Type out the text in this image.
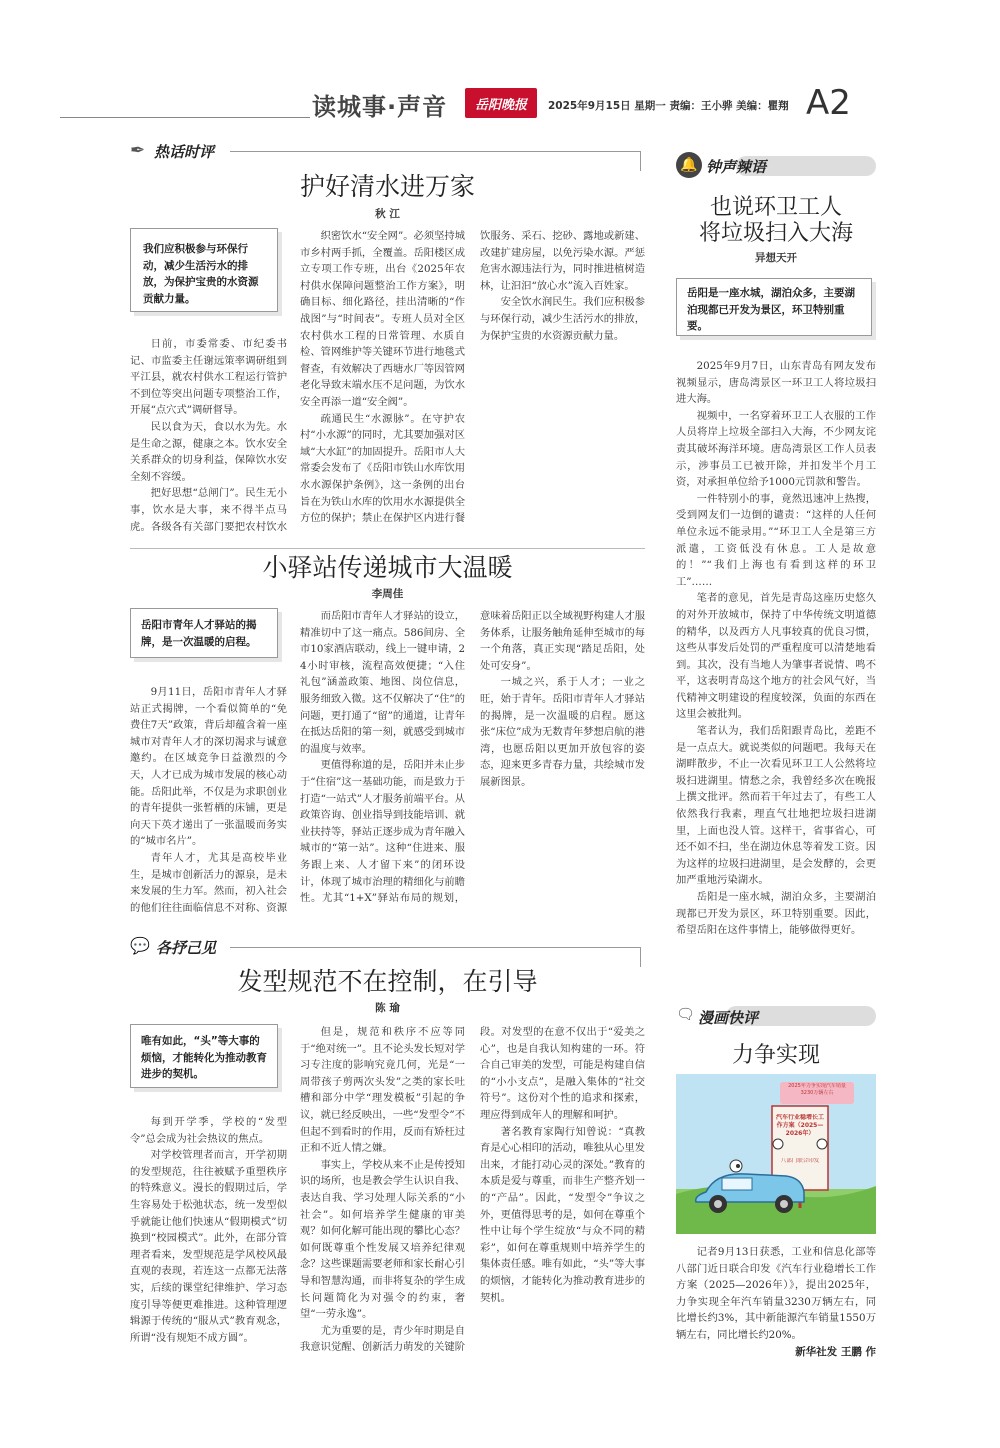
读城事·声音 岳阳晚报 2025年9月15日 星期一 责编：王小骅 美编：瞿翔 A2
✒ 热话时评
护好清水进万家
秋 江
我们应积极参与环保行动，减少生活污水的排放，为保护宝贵的水资源贡献力量。

日前，市委常委、市纪委书记、市监委主任谢远策率调研组到平江县，就农村供水工程运行管护不到位等突出问题专项整治工作，开展“点穴式”调研督导。

民以食为天，食以水为先。水是生命之源，健康之本。饮水安全关系群众的切身利益，保障饮水安全刻不容缓。

把好思想“总闸门”。民生无小事，饮水是大事，来不得半点马虎。各级各有关部门要把农村饮水

织密饮水“安全网”。必须坚持城市乡村两手抓，全覆盖。岳阳楼区成立专项工作专班，出台《2025年农村供水保障问题整治工作方案》，明确目标、细化路径，挂出清晰的“作战图”与“时间表”。专班人员对全区农村供水工程的日常管理、水质自检、管网维护等关键环节进行地毯式督查，有效解决了西塘水厂等因管网老化导致末端水压不足问题，为饮水安全再添一道“安全阀”。

疏通民生“水源脉”。在守护农村“小水源”的同时，尤其要加强对区域“大水缸”的加固提升。岳阳市人大常委会发布了《岳阳市铁山水库饮用水水源保护条例》，这一条例的出台旨在为铁山水库的饮用水水源提供全方位的保护；禁止在保护区内进行餐饮服务、采石、挖砂、露地或新建、改建扩建房屋，以免污染水源。严惩危害水源违法行为，同时推进植树造林，让汩汩“放心水”流入百姓家。

安全饮水润民生。我们应积极参与环保行动，减少生活污水的排放，为保护宝贵的水资源贡献力量。

小驿站传递城市大温暖
李周佳
岳阳市青年人才驿站的揭牌，是一次温暖的启程。

9月11日，岳阳市青年人才驿站正式揭牌，一个看似简单的“免费住7天”政策，背后却蕴含着一座城市对青年人才的深切渴求与诚意邀约。在区域竞争日益激烈的今天，人才已成为城市发展的核心动能。岳阳此举，不仅是为求职创业的青年提供一张暂栖的床铺，更是向天下英才递出了一张温暖而务实的“城市名片”。

青年人才，尤其是高校毕业生，是城市创新活力的源泉，是未来发展的生力军。然而，初入社会的他们往往面临信息不对称、资源

而岳阳市青年人才驿站的设立，精准切中了这一痛点。586间房、全市10家酒店联动，线上一键申请，24小时审核，流程高效便捷；“入住礼包”涵盖政策、地图、岗位信息，服务细致入微。这不仅解决了“住”的问题，更打通了“留”的通道，让青年在抵达岳阳的第一刻，就感受到城市的温度与效率。

更值得称道的是，岳阳并未止步于“住宿”这一基础功能，而是致力于打造“一站式”人才服务前端平台。从政策咨询、创业指导到技能培训、就业扶持等，驿站正逐步成为青年融入城市的“第一站”。这种“住进来、服务跟上来、人才留下来”的闭环设计，体现了城市治理的精细化与前瞻性。尤其“1+X”驿站布局的规划，意味着岳阳正以全域视野构建人才服务体系，让服务触角延伸至城市的每一个角落，真正实现“踏足岳阳，处处可安身”。

一城之兴，系于人才；一业之旺，始于青年。岳阳市青年人才驿站的揭牌，是一次温暖的启程。愿这张“床位”成为无数青年梦想启航的港湾，也愿岳阳以更加开放包容的姿态，迎来更多青春力量，共绘城市发展新图景。

💬 各抒己见
发型规范不在控制，在引导
陈 瑜
唯有如此，“头”等大事的烦恼，才能转化为推动教育进步的契机。

每到开学季，学校的“发型令”总会成为社会热议的焦点。

对学校管理者而言，开学初期的发型规范，往往被赋予重塑秩序的特殊意义。漫长的假期过后，学生容易处于松弛状态，统一发型似乎就能让他们快速从“假期模式”切换到“校园模式”。此外，在部分管理者看来，发型规范是学风校风最直观的表现，若连这一点都无法落实，后续的课堂纪律维护、学习态度引导等便更难推进。这种管理逻辑源于传统的“服从式”教育观念，所谓“没有规矩不成方圆”。

但是，规范和秩序不应等同于“绝对统一”。且不论头发长短对学习专注度的影响究竟几何，光是“一周带孩子剪两次头发”之类的家长吐槽和部分中学“理发模板”引起的争议，就已经反映出，一些“发型令”不但起不到看时的作用，反而有矫枉过正和不近人情之嫌。

事实上，学校从来不止是传授知识的场所，也是教会学生认识自我、表达自我、学习处理人际关系的“小社会”。如何培养学生健康的审美观？如何化解可能出现的攀比心态？如何既尊重个性发展又培养纪律观念？这些课题需要老师和家长耐心引导和智慧沟通，而非将复杂的学生成长问题简化为对强令的约束，奢望“一劳永逸”。

尤为重要的是，青少年时期是自我意识觉醒、创新活力萌发的关键阶段。对发型的在意不仅出于“爱美之心”，也是自我认知构建的一环。符合自己审美的发型，可能是构建自信的“小小支点”，是融入集体的“社交符号”。这份对个性的追求和探索，理应得到成年人的理解和呵护。

著名教育家陶行知曾说：“真教育是心心相印的活动，唯独从心里发出来，才能打动心灵的深处。”教育的本质是爱与尊重，而非生产整齐划一的“产品”。因此，“发型令”争议之外，更值得思考的是，如何在尊重个性中让每个学生绽放“与众不同的精彩”，如何在尊重规则中培养学生的集体责任感。唯有如此，“头”等大事的烦恼，才能转化为推动教育进步的契机。

🔔 钟声辣语
也说环卫工人
将垃圾扫入大海
异想天开
岳阳是一座水城，湖泊众多，主要湖泊现都已开发为景区，环卫特别重要。

2025年9月7日，山东青岛有网友发布视频显示，唐岛湾景区一环卫工人将垃圾扫进大海。

视频中，一名穿着环卫工人衣服的工作人员将岸上垃圾全部扫入大海，不少网友诧责其破坏海洋环境。唐岛湾景区工作人员表示，涉事员工已被开除，并扣发半个月工资，对承担单位给予1000元罚款和警告。

一件特别小的事，竟然迅速冲上热搜，受到网友们一边倒的谴责：“这样的人任何单位永远不能录用。”“环卫工人全是第三方派遣，工资低没有休息。工人是故意的！”“我们上海也有看到这样的环卫工”……

笔者的意见，首先是青岛这座历史悠久的对外开放城市，保持了中华传统文明道德的精华，以及西方人凡事较真的优良习惯，这些从事发后处罚的严重程度可以清楚地看到。其次，没有当地人为肇事者说情、鸣不平，这表明青岛这个地方的社会风气好，当代精神文明建设的程度较深，负面的东西在这里会被批判。

笔者认为，我们岳阳跟青岛比，差距不是一点点大。就说类似的问题吧。我每天在湖畔散步，不止一次看见环卫工人公然将垃圾扫进湖里。情愁之余，我曾经多次在晚报上撰文批评。然而若干年过去了，有些工人依然我行我素，理直气壮地把垃圾扫进湖里，上面也没人管。这样干，省事省心，可还不如不扫，坐在湖边休息等着发工资。因为这样的垃圾扫进湖里，是会发酵的，会更加严重地污染湖水。

岳阳是一座水城，湖泊众多，主要湖泊现都已开发为景区，环卫特别重要。因此，希望岳阳在这件事情上，能够做得更好。

🗨 漫画快评
力争实现
2025年力争实现汽车销量3230万辆左右
汽车行业稳增长工作方案（2025—2026年）
八部门联合印发

记者9月13日获悉，工业和信息化部等八部门近日联合印发《汽车行业稳增长工作方案（2025—2026年）》，提出2025年，力争实现全年汽车销量3230万辆左右，同比增长约3%，其中新能源汽车销量1550万辆左右，同比增长约20%。

新华社发 王鹏 作
